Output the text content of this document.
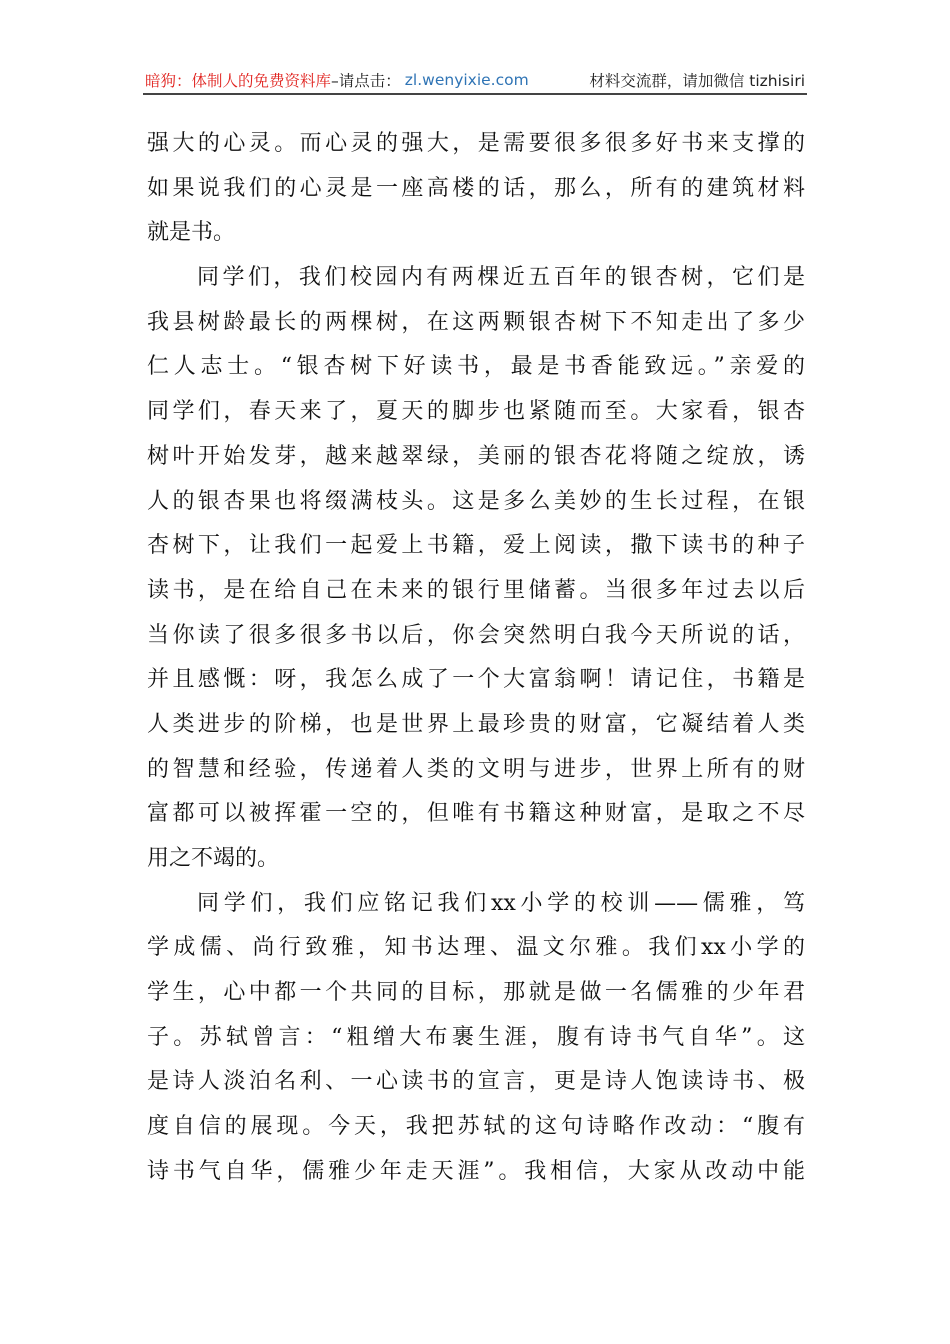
暗狗：体制人的免费资料库 –请点击： zl.wenyixie.com	材料交流群，请加微信 tizhisiri
强大的心灵。而心灵的强大，是需要很多很多好书来支撑的
如果说我们的心灵是一座高楼的话，那么，所有的建筑材料
就是书。
同学们，我们校园内有两棵近五百年的银杏树，它们是
我县树龄最长的两棵树，在这两颗银杏树下不知走出了多少
仁人志士。“银杏树下好读书，最是书香能致远。”亲爱的
同学们，春天来了，夏天的脚步也紧随而至。大家看，银杏
树叶开始发芽，越来越翠绿，美丽的银杏花将随之绽放，诱
人的银杏果也将缀满枝头。这是多么美妙的生长过程，在银
杏树下，让我们一起爱上书籍，爱上阅读，撒下读书的种子
读书，是在给自己在未来的银行里储蓄。当很多年过去以后
当你读了很多很多书以后，你会突然明白我今天所说的话，
并且感慨：呀，我怎么成了一个大富翁啊！请记住，书籍是
人类进步的阶梯，也是世界上最珍贵的财富，它凝结着人类
的智慧和经验，传递着人类的文明与进步，世界上所有的财
富都可以被挥霍一空的，但唯有书籍这种财富，是取之不尽
用之不竭的。
同学们，我们应铭记我们xx小学的校训——儒雅，笃
学成儒、尚行致雅，知书达理、温文尔雅。我们xx小学的
学生，心中都一个共同的目标，那就是做一名儒雅的少年君
子。苏轼曾言：“粗缯大布裹生涯，腹有诗书气自华”。这
是诗人淡泊名利、一心读书的宣言，更是诗人饱读诗书、极
度自信的展现。今天，我把苏轼的这句诗略作改动：“腹有
诗书气自华，儒雅少年走天涯”。我相信，大家从改动中能
